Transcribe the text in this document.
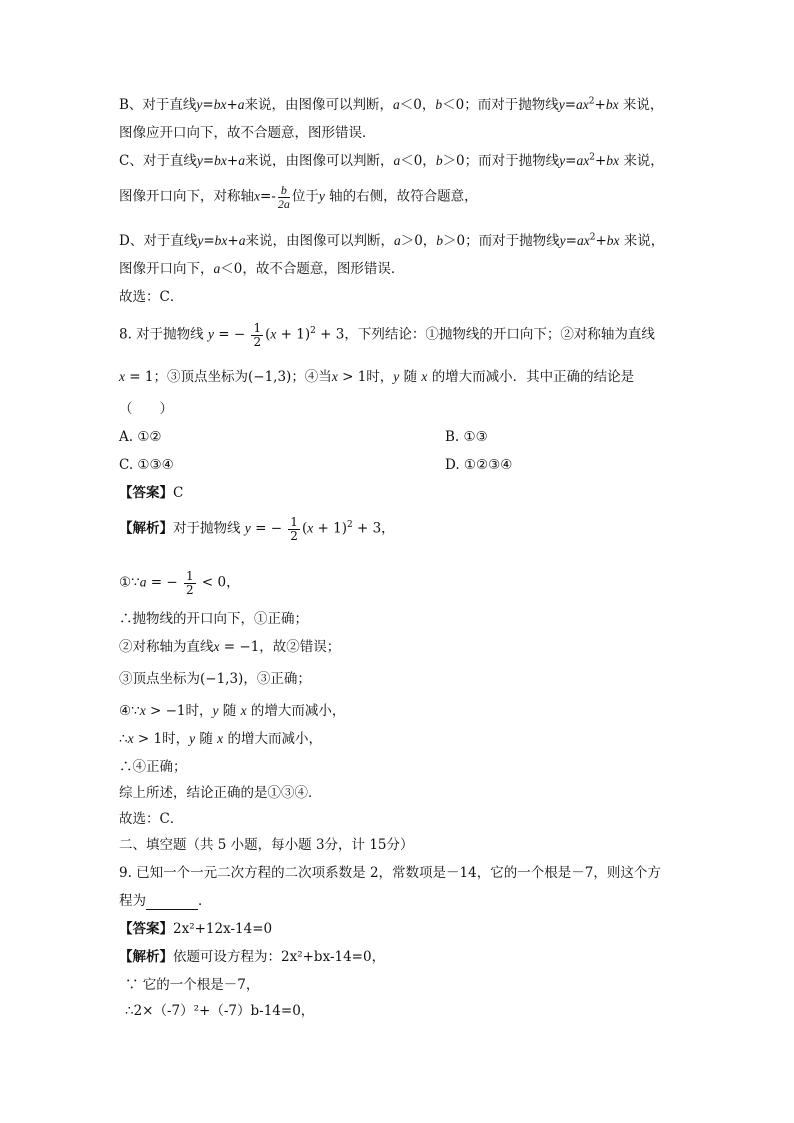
B、对于直线y=bx+a来说，由图像可以判断，a＜0，b＜0；而对于抛物线$y=ax^2+bx$ 来说，
图像应开口向下，故不合题意，图形错误．
C、对于直线y=bx+a来说，由图像可以判断，a＜0，b＞0；而对于抛物线$y=ax^2+bx$ 来说，
图像开口向下，对称轴$x=- \frac{b}{2a}$ 位于y 轴的右侧，故符合题意，
D、对于直线y=bx+a来说，由图像可以判断，a＞0，b＞0；而对于抛物线$y=ax^2+bx$ 来说，
图像开口向下，a＜0，故不合题意，图形错误．
故选：C．
8. 对于抛物线 y = − $\frac{1}{2} (x + 1)^2 + 3$，下列结论：①抛物线的开口向下；②对称轴为直线
x = 1；③顶点坐标为(−1,3)；④当x > 1时，y 随 x 的增大而减小．其中正确的结论是
（　　）
A. ①②	B. ①③
C. ①③④	D. ①②③④
【答案】C
【解析】对于抛物线 y = − $\frac{1}{2} (x + 1)^2 + 3$，
①∵a = − $\frac{1}{2} < 0$，
∴抛物线的开口向下，①正确；
②对称轴为直线x = −1，故②错误；
③顶点坐标为(−1,3)，③正确；
④∵x > −1时，y 随 x 的增大而减小，
∴x > 1时，y 随 x 的增大而减小，
∴④正确；
综上所述，结论正确的是①③④．
故选：C．
二、填空题（共 5 小题，每小题 3分，计 15分）
9. 已知一个一元二次方程的二次项系数是 2，常数项是－14，它的一个根是－7，则这个方
程为	．
【答案】2x²+12x-14=0
【解析】依题可设方程为：2x²+bx-14=0，
∵ 它的一个根是－7，
∴2×（-7）²+（-7）b-14=0，
